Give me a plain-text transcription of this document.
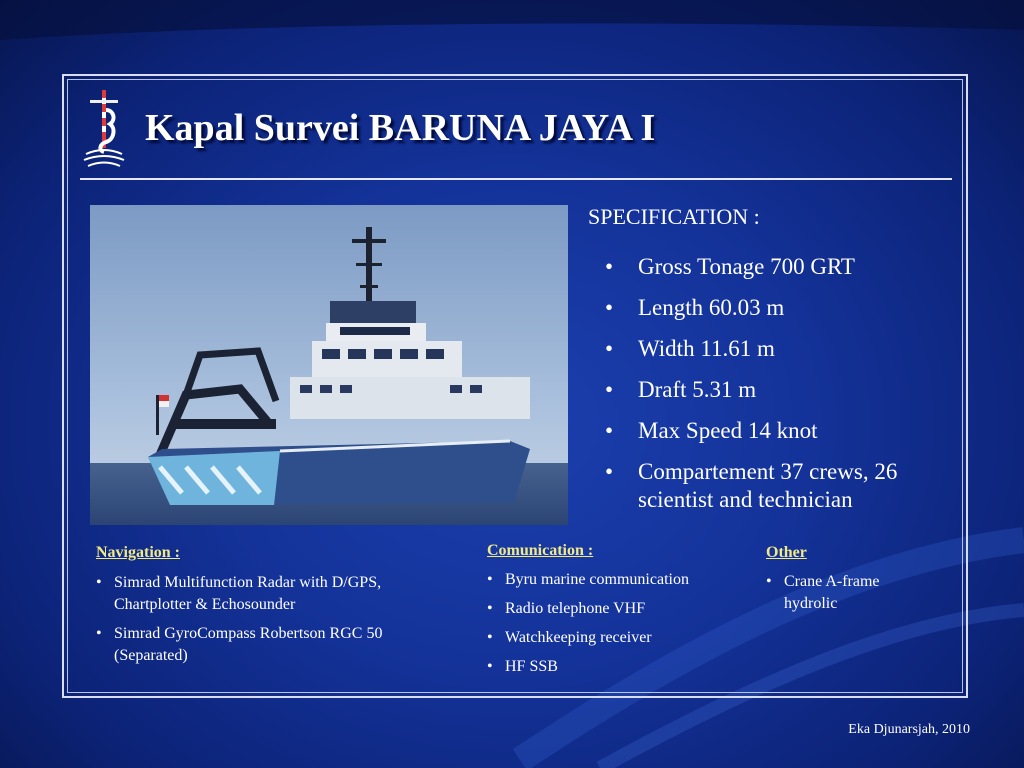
Kapal Survei BARUNA JAYA I
SPECIFICATION :
• Gross Tonage 700 GRT
• Length 60.03 m
• Width 11.61 m
• Draft 5.31 m
• Max Speed 14 knot
• Compartement 37 crews, 26 scientist and technician
Navigation :
• Simrad Multifunction Radar with D/GPS, Chartplotter & Echosounder
• Simrad GyroCompass Robertson RGC 50 (Separated)
Comunication :
• Byru marine communication
• Radio telephone VHF
• Watchkeeping receiver
• HF SSB
Other
• Crane A-frame hydrolic
Eka Djunarsjah, 2010
